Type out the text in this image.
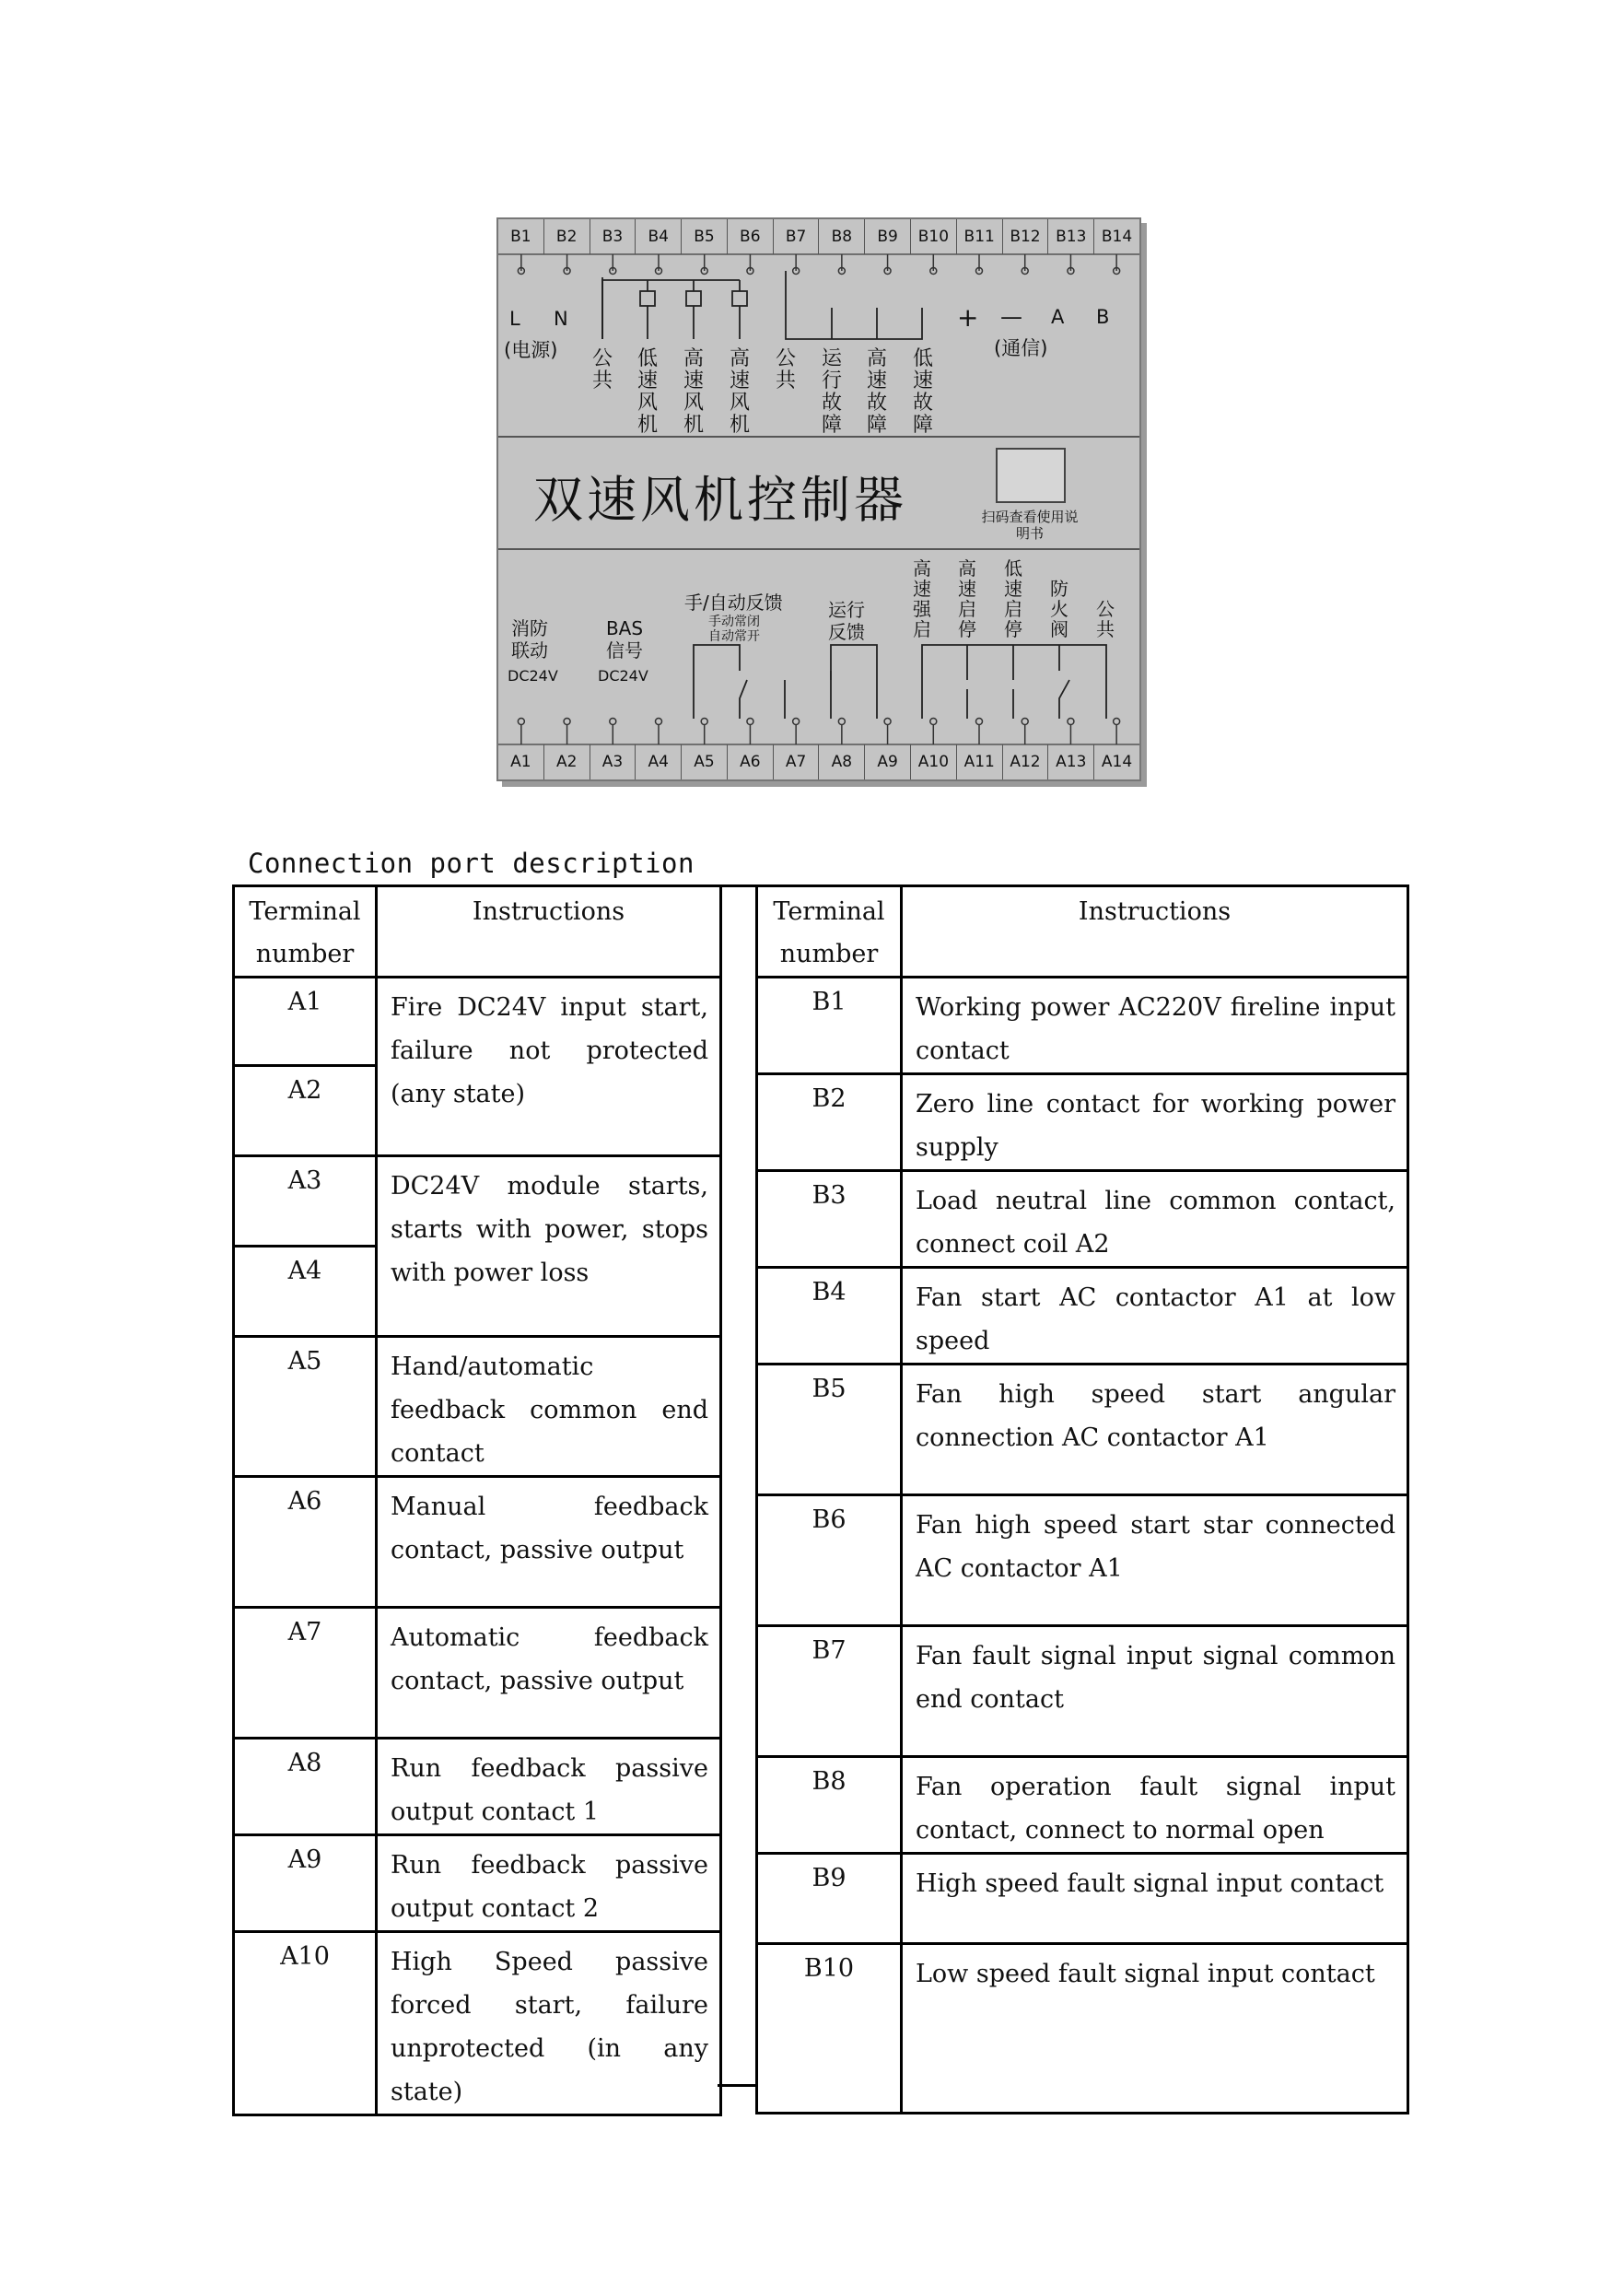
B1	B2	B3	B4	B5	B6	B7	B8	B9	B10 B11 B12 B13 B14
A1	A2	A3	A4	A5	A6	A7	A8	A9	A10 A11 A12 A13 A14
L N
(电源) 公共
低速风机
高速风机
高速风机
公共
运行故障
高速故障
低速故障
+ — A B
(通信)
双速风机控制器	扫码查看使用说明书
消防联动
DC24V
BAS信号
DC24V
手/自动反馈
手动常闭
自动常开
运行反馈
高速强启
高速启停
低速启停
防火阀
公共
Connection port description
Terminal number	Instructions
A1	Fire DC24V input start, failure not protected (any state)
A2	
A3	DC24V module starts, starts with power, stops with power loss
A4	
A5	Hand/automatic feedback common end contact
A6	Manual feedback contact, passive output
A7	Automatic feedback contact, passive output
A8	Run feedback passive output contact 1
A9	Run feedback passive output contact 2
A10	High Speed passive forced start, failure unprotected (in any state)
Terminal number	Instructions
B1	Working power AC220V fireline input contact
B2	Zero line contact for working power supply
B3	Load neutral line common contact, connect coil A2
B4	Fan start AC contactor A1 at low speed
B5	Fan high speed start angular connection AC contactor A1
B6	Fan high speed start star connected AC contactor A1
B7	Fan fault signal input signal common end contact
B8	Fan operation fault signal input contact, connect to normal open
B9	High speed fault signal input contact
B10	Low speed fault signal input contact
